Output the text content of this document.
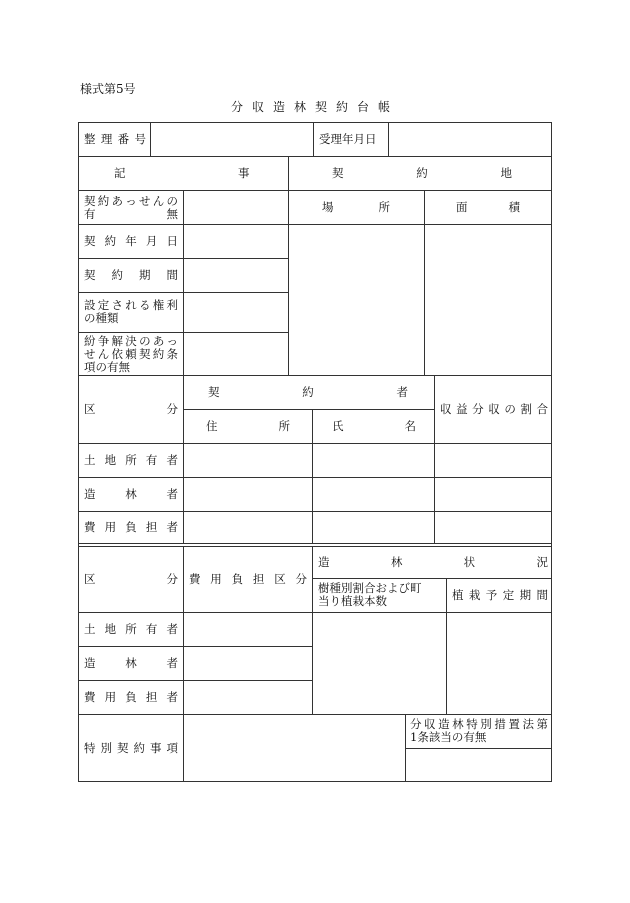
様式第5号
分収造林契約台帳
整理番号	受理年月日
記	事	契約地
契約あっせんの
有　　　　　無
場所	面積
契約年月日
契約期間
設定される権利
の種類
紛争解決のあっ
せん依頼契約条
項の有無
区分
契約者
住所	氏名
収益分収の割合
土地所有者
造林者
費用負担者
区分 費用負担区分
造林状況
樹種別割合および町
当り植栽本数	植栽予定期間
土地所有者
造林者
費用負担者
特別契約事項
分収造林特別措置法第
1条該当の有無
